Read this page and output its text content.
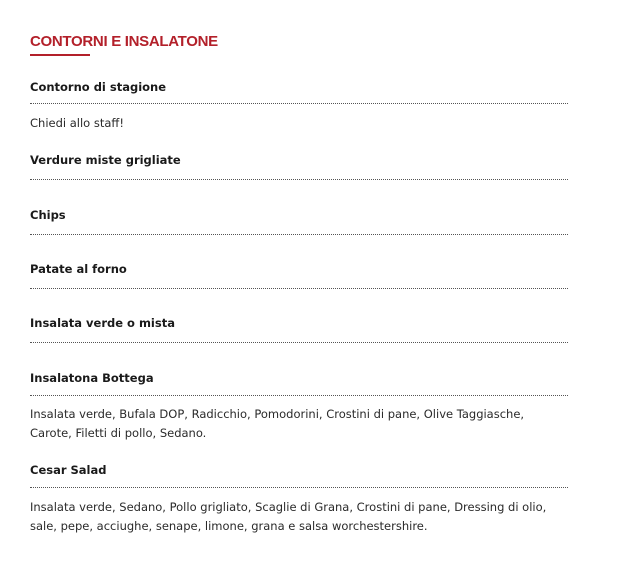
CONTORNI E INSALATONE
Contorno di stagione

Chiedi allo staff!

Verdure miste grigliate
Chips
Patate al forno
Insalata verde o mista
Insalatona Bottega

Insalata verde, Bufala DOP, Radicchio, Pomodorini, Crostini di pane, Olive Taggiasche, Carote, Filetti di pollo, Sedano.

Cesar Salad

Insalata verde, Sedano, Pollo grigliato, Scaglie di Grana, Crostini di pane, Dressing di olio, sale, pepe, acciughe, senape, limone, grana e salsa worchestershire.
